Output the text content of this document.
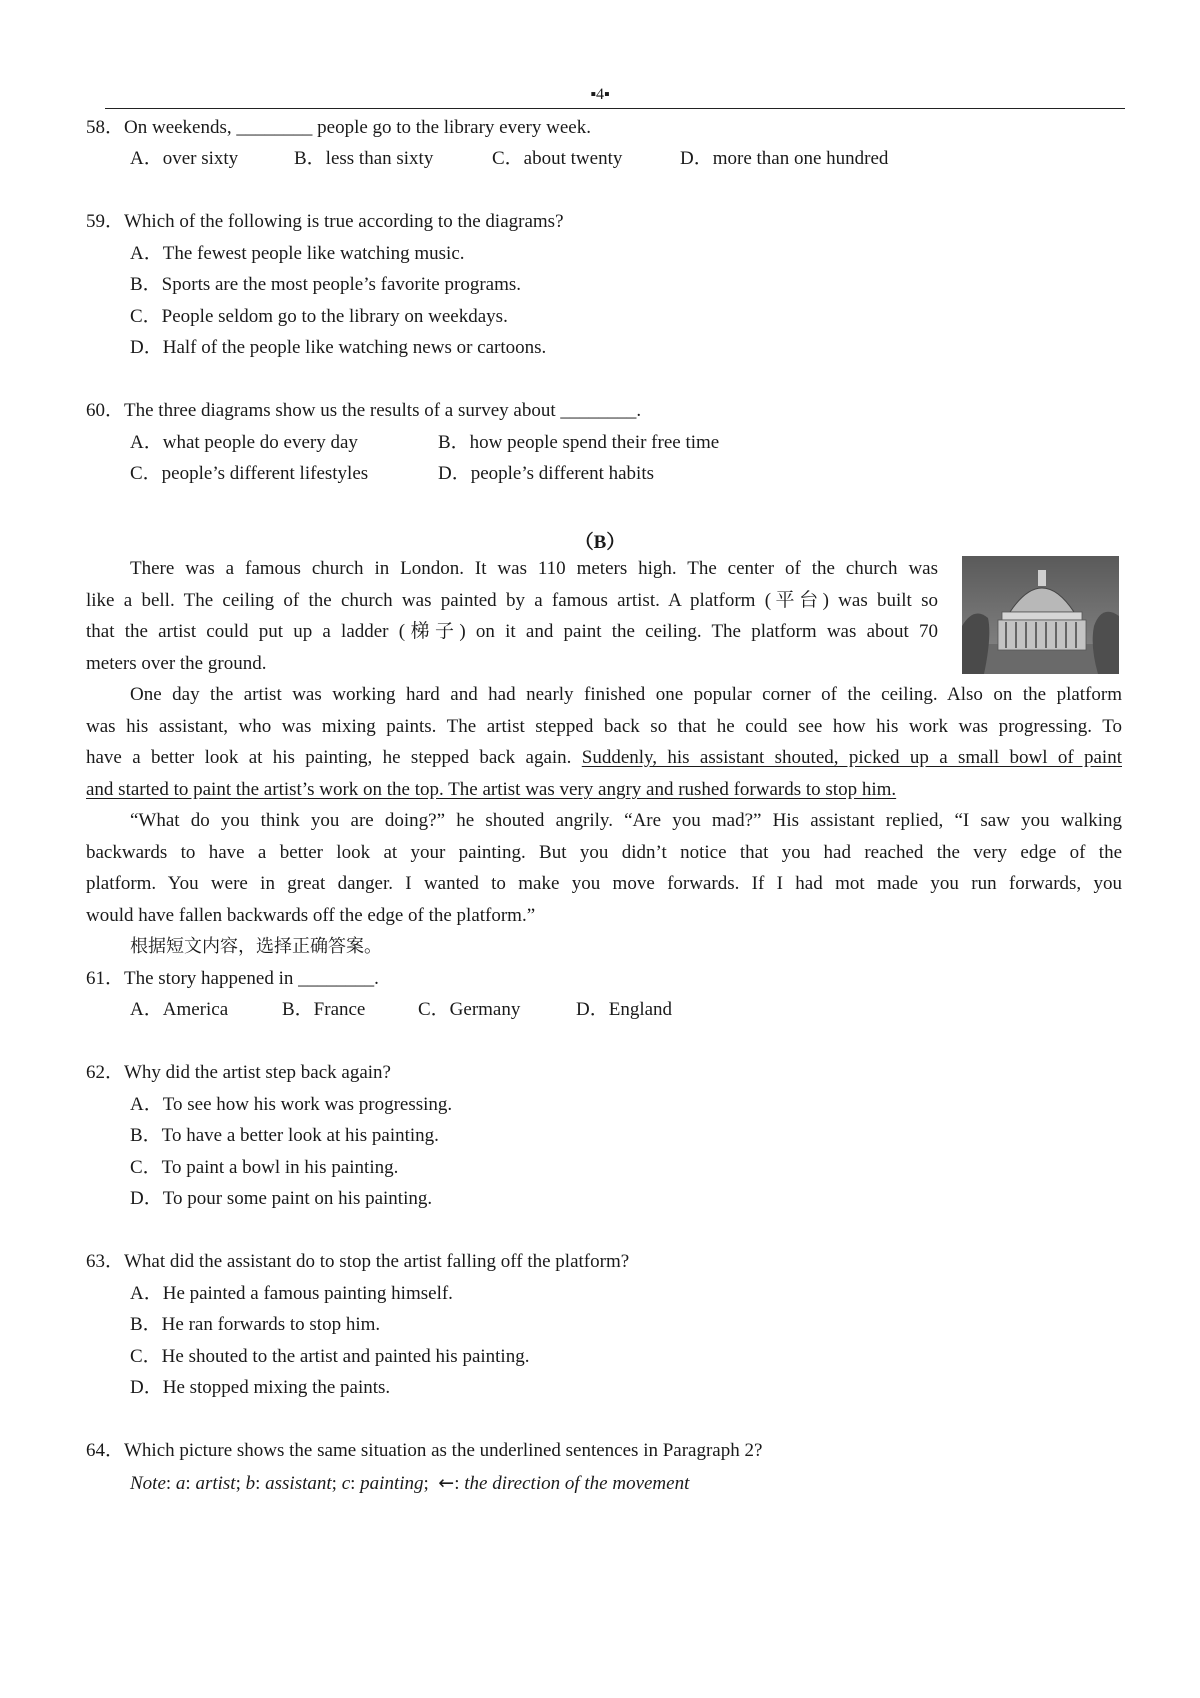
▪4▪
58．On weekends, ________ people go to the library every week.
A．over sixty	B．less than sixty	C．about twenty	D．more than one hundred
59．Which of the following is true according to the diagrams?
A．The fewest people like watching music.
B．Sports are the most people’s favorite programs.
C．People seldom go to the library on weekdays.
D．Half of the people like watching news or cartoons.
60．The three diagrams show us the results of a survey about ________.
A．what people do every day	B．how people spend their free time
C．people’s different lifestyles	D．people’s different habits
（B）
There was a famous church in London. It was 110 meters high. The center of the church was
like a bell. The ceiling of the church was painted by a famous artist. A platform (平台) was built so
that the artist could put up a ladder (梯子) on it and paint the ceiling. The platform was about 70
meters over the ground.
One day the artist was working hard and had nearly finished one popular corner of the ceiling. Also on the platform
was his assistant, who was mixing paints. The artist stepped back so that he could see how his work was progressing. To
have a better look at his painting, he stepped back again. Suddenly, his assistant shouted, picked up a small bowl of paint
and started to paint the artist’s work on the top. The artist was very angry and rushed forwards to stop him.
“What do you think you are doing?” he shouted angrily. “Are you mad?” His assistant replied, “I saw you walking
backwards to have a better look at your painting. But you didn’t notice that you had reached the very edge of the
platform. You were in great danger. I wanted to make you move forwards. If I had mot made you run forwards, you
would have fallen backwards off the edge of the platform.”
根据短文内容，选择正确答案。
61．The story happened in ________.
A．America	B．France	C．Germany	D．England
62．Why did the artist step back again?
A．To see how his work was progressing.
B．To have a better look at his painting.
C．To paint a bowl in his painting.
D．To pour some paint on his painting.
63．What did the assistant do to stop the artist falling off the platform?
A．He painted a famous painting himself.
B．He ran forwards to stop him.
C．He shouted to the artist and painted his painting.
D．He stopped mixing the paints.
64．Which picture shows the same situation as the underlined sentences in Paragraph 2?
Note: a: artist; b: assistant; c: painting;  ←: the direction of the movement
